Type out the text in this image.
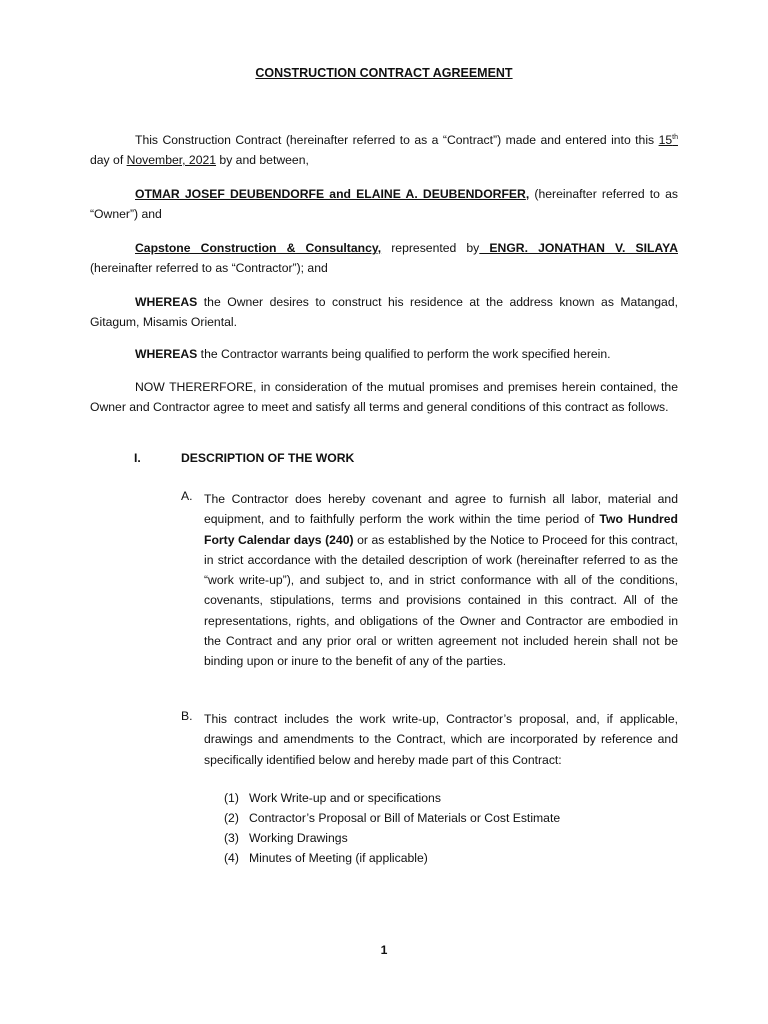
CONSTRUCTION CONTRACT AGREEMENT

This Construction Contract (hereinafter referred to as a “Contract”) made and entered into this 15th day of November, 2021 by and between,

OTMAR JOSEF DEUBENDORFE and ELAINE A. DEUBENDORFER, (hereinafter referred to as “Owner”) and

Capstone Construction & Consultancy, represented by ENGR. JONATHAN V. SILAYA (hereinafter referred to as “Contractor”); and

WHEREAS the Owner desires to construct his residence at the address known as Matangad, Gitagum, Misamis Oriental.

WHEREAS the Contractor warrants being qualified to perform the work specified herein.

NOW THERERFORE, in consideration of the mutual promises and premises herein contained, the Owner and Contractor agree to meet and satisfy all terms and general conditions of this contract as follows.

I.	DESCRIPTION OF THE WORK
A. The Contractor does hereby covenant and agree to furnish all labor, material and equipment, and to faithfully perform the work within the time period of Two Hundred Forty Calendar days (240) or as established by the Notice to Proceed for this contract, in strict accordance with the detailed description of work (hereinafter referred to as the “work write-up”), and subject to, and in strict conformance with all of the conditions, covenants, stipulations, terms and provisions contained in this contract. All of the representations, rights, and obligations of the Owner and Contractor are embodied in the Contract and any prior oral or written agreement not included herein shall not be binding upon or inure to the benefit of any of the parties.

B. This contract includes the work write-up, Contractor’s proposal, and, if applicable, drawings and amendments to the Contract, which are incorporated by reference and specifically identified below and hereby made part of this Contract:

(1) Work Write-up and or specifications
(2) Contractor’s Proposal or Bill of Materials or Cost Estimate
(3) Working Drawings
(4) Minutes of Meeting (if applicable)
1
